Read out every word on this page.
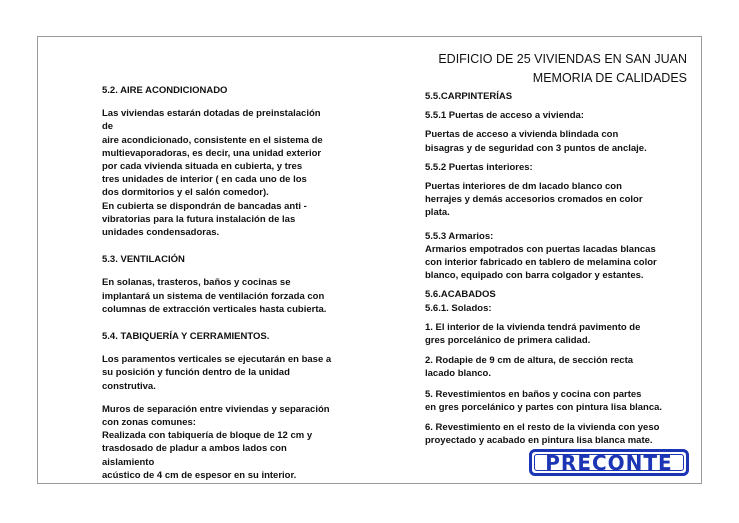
EDIFICIO DE 25 VIVIENDAS EN SAN JUAN
MEMORIA DE CALIDADES
5.2. AIRE ACONDICIONADO
Las viviendas estarán dotadas de preinstalación de
aire acondicionado, consistente en el sistema de
multievaporadoras, es decir, una unidad exterior
por cada vivienda situada en cubierta, y tres
tres unidades de interior ( en cada uno de los
dos dormitorios y el salón comedor).
En cubierta se dispondrán de bancadas anti -
vibratorias para la futura instalación de las
unidades condensadoras.
5.3. VENTILACIÓN
En solanas, trasteros, baños y cocinas se
implantará un sistema de ventilación forzada con
columnas de extracción verticales hasta cubierta.
5.4. TABIQUERÍA Y CERRAMIENTOS.
Los paramentos verticales se ejecutarán en base a
su posición y función dentro de la unidad
construtiva.
Muros de separación entre viviendas y separación
con zonas comunes:
Realizada con tabiquería de bloque de 12 cm y
trasdosado de pladur a ambos lados con aislamiento
acústico de 4 cm de espesor en su interior.
5.5.CARPINTERÍAS
5.5.1 Puertas de acceso a vivienda:
Puertas de acceso a vivienda blindada con
bisagras y de seguridad con 3 puntos de anclaje.
5.5.2 Puertas interiores:
Puertas interiores de dm lacado blanco con
herrajes y demás accesorios cromados en color
plata.
5.5.3 Armarios:
Armarios empotrados con puertas lacadas blancas
con interior fabricado en tablero de melamina color
blanco, equipado con barra colgador y estantes.
5.6.ACABADOS
5.6.1. Solados:
1. El interior de la vivienda tendrá pavimento de
gres porcelánico de primera calidad.
2. Rodapie de 9 cm de altura, de sección recta
lacado blanco.
5. Revestimientos en baños y cocina con partes
en gres porcelánico y partes con pintura lisa blanca.
6. Revestimiento en el resto de la vivienda con yeso
proyectado y acabado en pintura lisa blanca mate.
PRECONTE
